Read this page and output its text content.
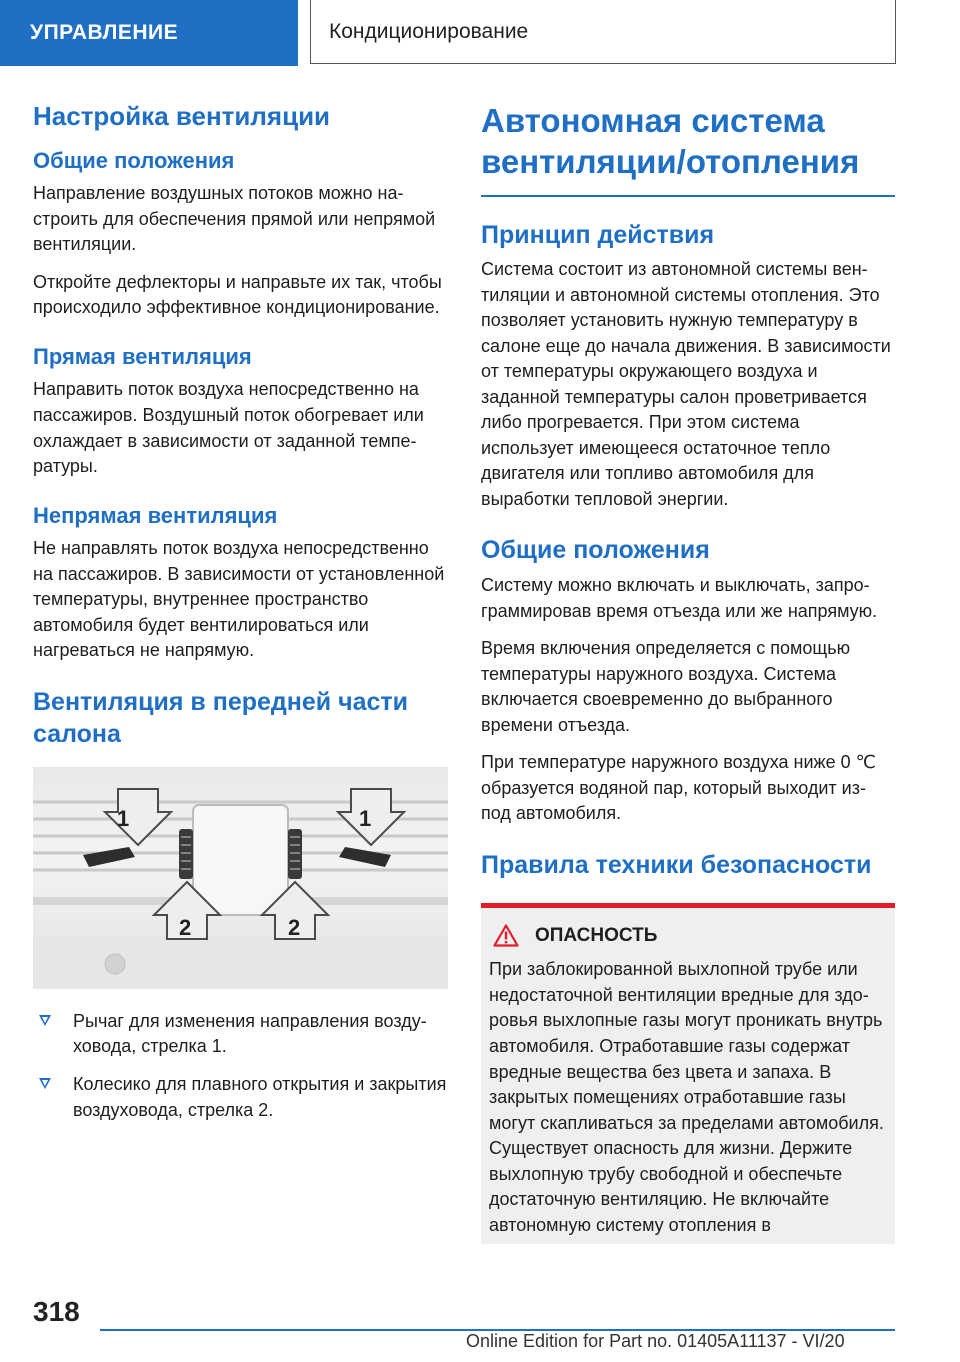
УПРАВЛЕНИЕ	Кондиционирование
Настройка вентиляции
Общие положения

Направление воздушных потоков можно настроить для обеспечения прямой или непрямой вентиляции.

Откройте дефлекторы и направьте их так, чтобы происходило эффективное кондиционирование.

Прямая вентиляция

Направить поток воздуха непосредственно на пассажиров. Воздушный поток обогревает или охлаждает в зависимости от заданной температуры.

Непрямая вентиляция

Не направлять поток воздуха непосредственно на пассажиров. В зависимости от установленной температуры, внутреннее пространство автомобиля будет вентилироваться или нагреваться не напрямую.

Вентиляция в передней части салона
1	1
2	2
Рычаг для изменения направления воздуховода, стрелка 1.
Колесико для плавного открытия и закрытия воздуховода, стрелка 2.
Автономная система вентиляции/отопления
Принцип действия

Система состоит из автономной системы вентиляции и автономной системы отопления. Это позволяет установить нужную температуру в салоне еще до начала движения. В зависимости от температуры окружающего воздуха и заданной температуры салон проветривается либо прогревается. При этом система использует имеющееся остаточное тепло двигателя или топливо автомобиля для выработки тепловой энергии.

Общие положения

Систему можно включать и выключать, запрограммировав время отъезда или же напрямую.

Время включения определяется с помощью температуры наружного воздуха. Система включается своевременно до выбранного времени отъезда.

При температуре наружного воздуха ниже 0 ℃ образуется водяной пар, который выходит из-под автомобиля.

Правила техники безопасности
ОПАСНОСТЬ

При заблокированной выхлопной трубе или недостаточной вентиляции вредные для здоровья выхлопные газы могут проникать внутрь автомобиля. Отработавшие газы содержат вредные вещества без цвета и запаха. В закрытых помещениях отработавшие газы могут скапливаться за пределами автомобиля. Существует опасность для жизни. Держите выхлопную трубу свободной и обеспечьте достаточную вентиляцию. Не включайте автономную систему отопления в

318
Online Edition for Part no. 01405A11137 - VI/20
